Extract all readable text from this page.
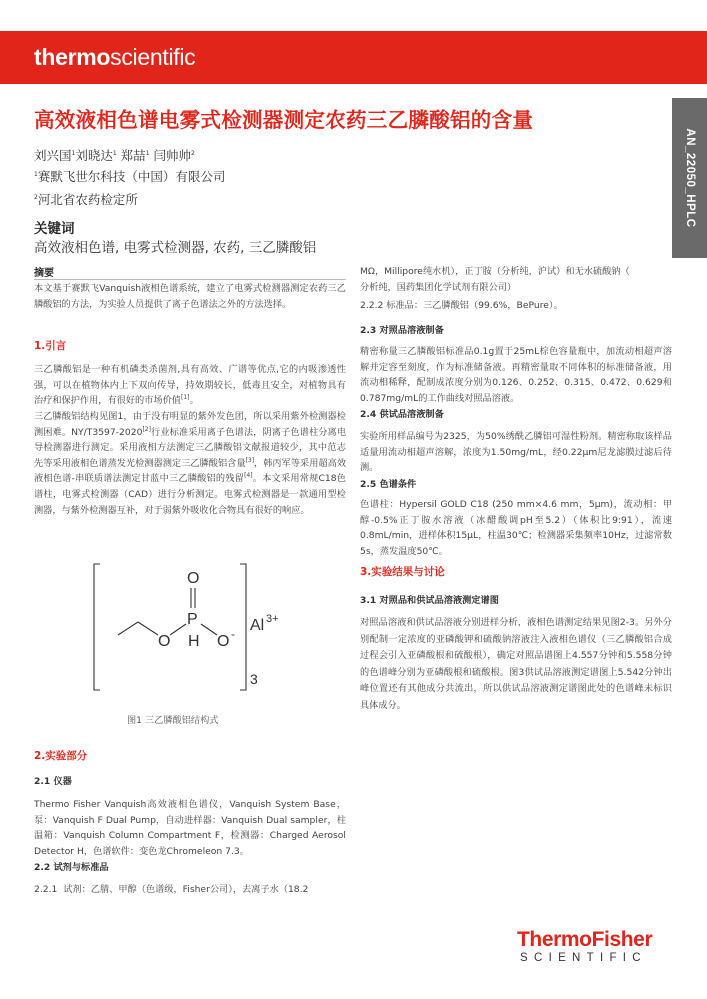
thermoscientific
AN_22050_HPLC
高效液相色谱电雾式检测器测定农药三乙膦酸铝的含量
刘兴国$^1$刘晓达$^1$ 郑喆$^1$ 闫帅帅$^2$
$^1$赛默飞世尔科技（中国）有限公司
$^2$河北省农药检定所
关键词
高效液相色谱, 电雾式检测器, 农药, 三乙膦酸铝
摘要
本文基于赛默飞Vanquish液相色谱系统，建立了电雾式检测器测定农药三乙膦酸铝的方法，为实验人员提供了离子色谱法之外的方法选择。
1.引言
三乙膦酸铝是一种有机磷类杀菌剂,具有高效、广谱等优点,它的内吸渗透性强，可以在植物体内上下双向传导，持效期较长，低毒且安全，对植物具有治疗和保护作用，有很好的市场价值[1]。
三乙膦酸铝结构见图1，由于没有明显的紫外发色团，所以采用紫外检测器检测困难。NY/T3597-2020[2]行业标准采用离子色谱法，阴离子色谱柱分离电导检测器进行测定。采用液相方法测定三乙膦酸铝文献报道较少，其中范志先等采用液相色谱蒸发光检测器测定三乙膦酸铝含量[3]，韩丙军等采用超高效液相色谱-串联质谱法测定甘蓝中三乙膦酸铝的残留[4]。本文采用常规C18色谱柱，电雾式检测器（CAD）进行分析测定。电雾式检测器是一款通用型检测器，与紫外检测器互补，对于弱紫外吸收化合物具有很好的响应。
O
P
O H O - Al 3+
3
图1 三乙膦酸铝结构式
2.实验部分
2.1 仪器
Thermo Fisher Vanquish高效液相色谱仪，Vanquish System Base，泵：Vanquish F Dual Pump，自动进样器：Vanquish Dual sampler，柱温箱：Vanquish Column Compartment F，检测器：Charged Aerosol Detector H，色谱软件：变色龙Chromeleon 7.3。
2.2 试剂与标准品
2.2.1  试剂：乙腈、甲醇（色谱级，Fisher公司），去离子水（18.2
MΩ，Millipore纯水机），正丁胺（分析纯，沪试）和无水硫酸钠（
分析纯，国药集团化学试剂有限公司）
2.2.2 标准品：三乙膦酸铝（99.6%，BePure）。
2.3 对照品溶液制备
精密称量三乙膦酸铝标准品0.1g置于25mL棕色容量瓶中，加流动相超声溶解并定容至刻度，作为标准储备液。再精密量取不同体积的标准储备液，用流动相稀释，配制成浓度分别为0.126、0.252、0.315、0.472、0.629和0.787mg/mL的工作曲线对照品溶液。
2.4 供试品溶液制备
实验所用样品编号为2325，为50%绣酰乙膦铝可湿性粉剂。精密称取该样品适量用流动相超声溶解，浓度为1.50mg/mL，经0.22µm尼龙滤膜过滤后待测。
2.5 色谱条件
色谱柱：Hypersil GOLD C18 (250 mm×4.6 mm，5µm)，流动相：甲醇-0.5%正丁胺水溶液（冰醋酸调pH至5.2）（体积比9:91），流速0.8mL/min，进样体积15µL，柱温30℃；检测器采集频率10Hz，过滤常数5s，蒸发温度50℃。
3.实验结果与讨论
3.1 对照品和供试品溶液测定谱图
对照品溶液和供试品溶液分别进样分析，液相色谱测定结果见图2-3。另外分别配制一定浓度的亚磷酸钾和硫酸钠溶液注入液相色谱仪（三乙膦酸铝合成过程会引入亚磷酸根和硫酸根），确定对照品谱图上4.557分钟和5.558分钟的色谱峰分别为亚磷酸根和硫酸根。图3供试品溶液测定谱图上5.542分钟出峰位置还有其他成分共流出，所以供试品溶液测定谱图此处的色谱峰未标识具体成分。
ThermoFisher
SCIENTIFIC
